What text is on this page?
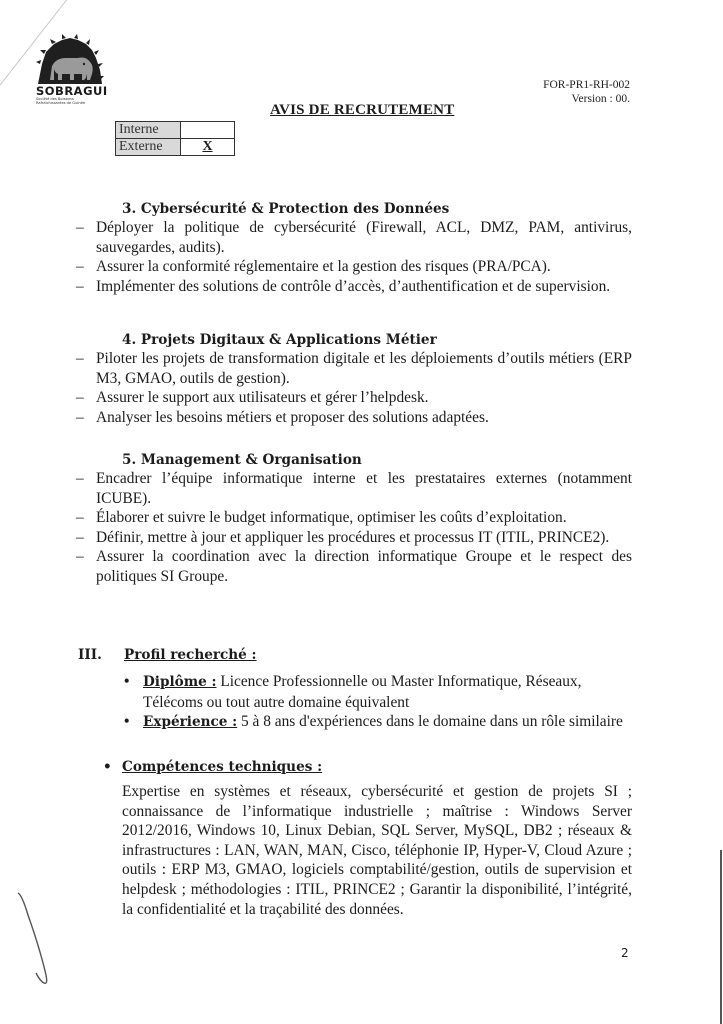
SOBRAGUI
Société des Boissons Rafraîchissantes de Guinée
FOR-PR1-RH-002
Version : 00.
AVIS DE RECRUTEMENT
Interne	
Externe	X
3. Cybersécurité & Protection des Données
– Déployer la politique de cybersécurité (Firewall, ACL, DMZ, PAM, antivirus, sauvegardes, audits).
– Assurer la conformité réglementaire et la gestion des risques (PRA/PCA).
– Implémenter des solutions de contrôle d’accès, d’authentification et de supervision.
4. Projets Digitaux & Applications Métier
– Piloter les projets de transformation digitale et les déploiements d’outils métiers (ERP M3, GMAO, outils de gestion).
– Assurer le support aux utilisateurs et gérer l’helpdesk.
– Analyser les besoins métiers et proposer des solutions adaptées.
5. Management & Organisation
– Encadrer l’équipe informatique interne et les prestataires externes (notamment ICUBE).
– Élaborer et suivre le budget informatique, optimiser les coûts d’exploitation.
– Définir, mettre à jour et appliquer les procédures et processus IT (ITIL, PRINCE2).
– Assurer la coordination avec la direction informatique Groupe et le respect des politiques SI Groupe.
III. Profil recherché :
• Diplôme : Licence Professionnelle ou Master Informatique, Réseaux, Télécoms ou tout autre domaine équivalent
• Expérience : 5 à 8 ans d'expériences dans le domaine dans un rôle similaire
• Compétences techniques :

Expertise en systèmes et réseaux, cybersécurité et gestion de projets SI ; connaissance de l’informatique industrielle ; maîtrise : Windows Server 2012/2016, Windows 10, Linux Debian, SQL Server, MySQL, DB2 ; réseaux & infrastructures : LAN, WAN, MAN, Cisco, téléphonie IP, Hyper-V, Cloud Azure ; outils : ERP M3, GMAO, logiciels comptabilité/gestion, outils de supervision et helpdesk ; méthodologies : ITIL, PRINCE2 ; Garantir la disponibilité, l’intégrité, la confidentialité et la traçabilité des données.

2
